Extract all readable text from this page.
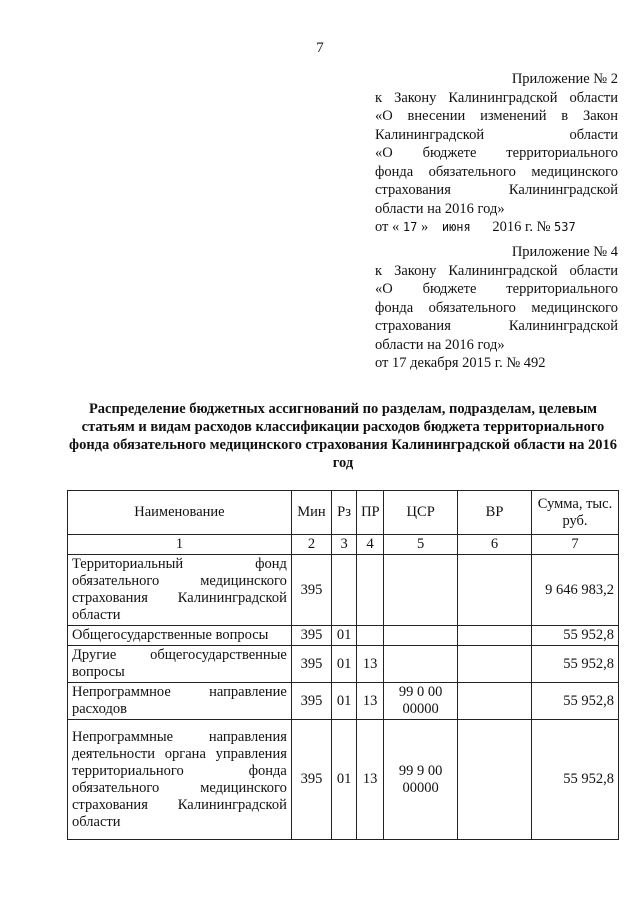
7
Приложение № 2
к Закону Калининградской области
«О внесении изменений в Закон
Калининградской области
«О бюджете территориального
фонда обязательного медицинского
страхования Калининградской
области на 2016 год»
от « 17 » июня 2016 г. № 537
Приложение № 4
к Закону Калининградской области
«О бюджете территориального
фонда обязательного медицинского
страхования Калининградской
области на 2016 год»
от 17 декабря 2015 г. № 492
Распределение бюджетных ассигнований по разделам, подразделам, целевым статьям и видам расходов классификации расходов бюджета территориального фонда обязательного медицинского страхования Калининградской области на 2016 год
Наименование	Мин	Рз	ПР	ЦСР	ВР	Сумма, тыс. руб.
1	2	3	4	5	6	7
Территориальный фонд обязательного медицинского страхования Калининградской области	395					9 646 983,2
Общегосударственные вопросы	395	01				55 952,8
Другие общегосударственные вопросы	395	01	13			55 952,8
Непрограммное направление расходов	395	01	13	99 0 00 00000		55 952,8
Непрограммные направления деятельности органа управления территориального фонда обязательного медицинского страхования Калининградской области	395	01	13	99 9 00 00000		55 952,8
